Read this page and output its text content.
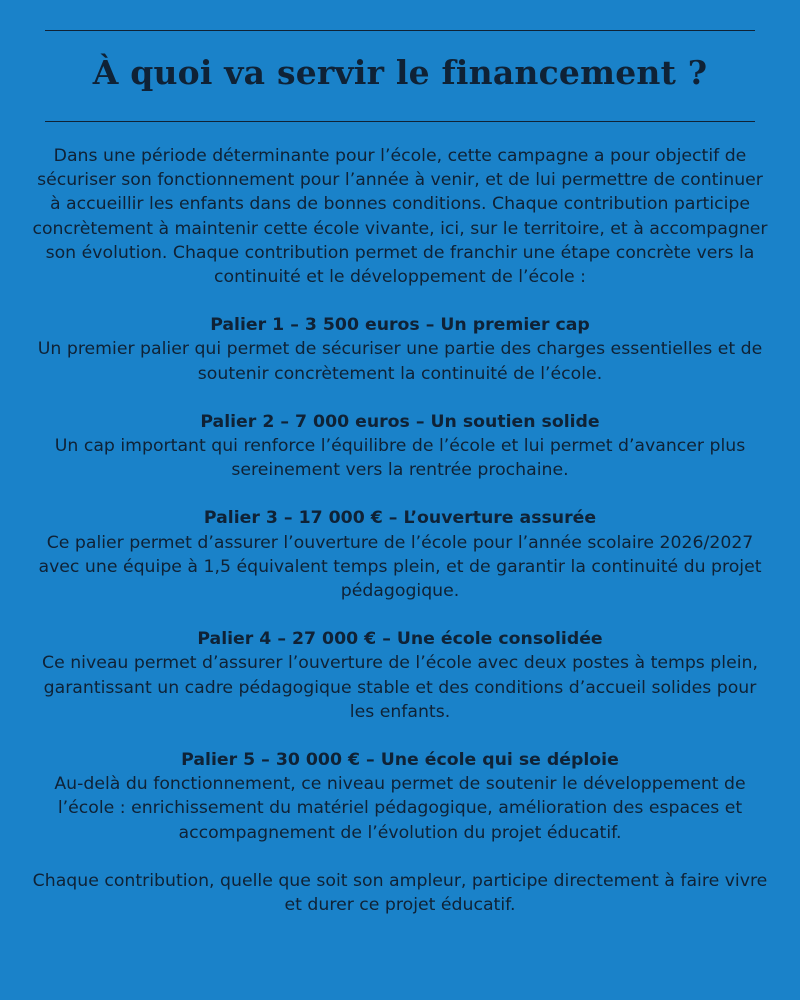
À quoi va servir le financement ?

Dans une période déterminante pour l’école, cette campagne a pour objectif de sécuriser son fonctionnement pour l’année à venir, et de lui permettre de continuer à accueillir les enfants dans de bonnes conditions. Chaque contribution participe concrètement à maintenir cette école vivante, ici, sur le territoire, et à accompagner son évolution. Chaque contribution permet de franchir une étape concrète vers la continuité et le développement de l’école :

Palier 1 – 3 500 euros – Un premier cap

Un premier palier qui permet de sécuriser une partie des charges essentielles et de soutenir concrètement la continuité de l’école.

Palier 2 – 7 000 euros – Un soutien solide

Un cap important qui renforce l’équilibre de l’école et lui permet d’avancer plus sereinement vers la rentrée prochaine.

Palier 3 – 17 000 € – L’ouverture assurée

Ce palier permet d’assurer l’ouverture de l’école pour l’année scolaire 2026/2027 avec une équipe à 1,5 équivalent temps plein, et de garantir la continuité du projet pédagogique.

Palier 4 – 27 000 € – Une école consolidée

Ce niveau permet d’assurer l’ouverture de l’école avec deux postes à temps plein, garantissant un cadre pédagogique stable et des conditions d’accueil solides pour les enfants.

Palier 5 – 30 000 € – Une école qui se déploie

Au-delà du fonctionnement, ce niveau permet de soutenir le développement de l’école : enrichissement du matériel pédagogique, amélioration des espaces et accompagnement de l’évolution du projet éducatif.

Chaque contribution, quelle que soit son ampleur, participe directement à faire vivre et durer ce projet éducatif.
